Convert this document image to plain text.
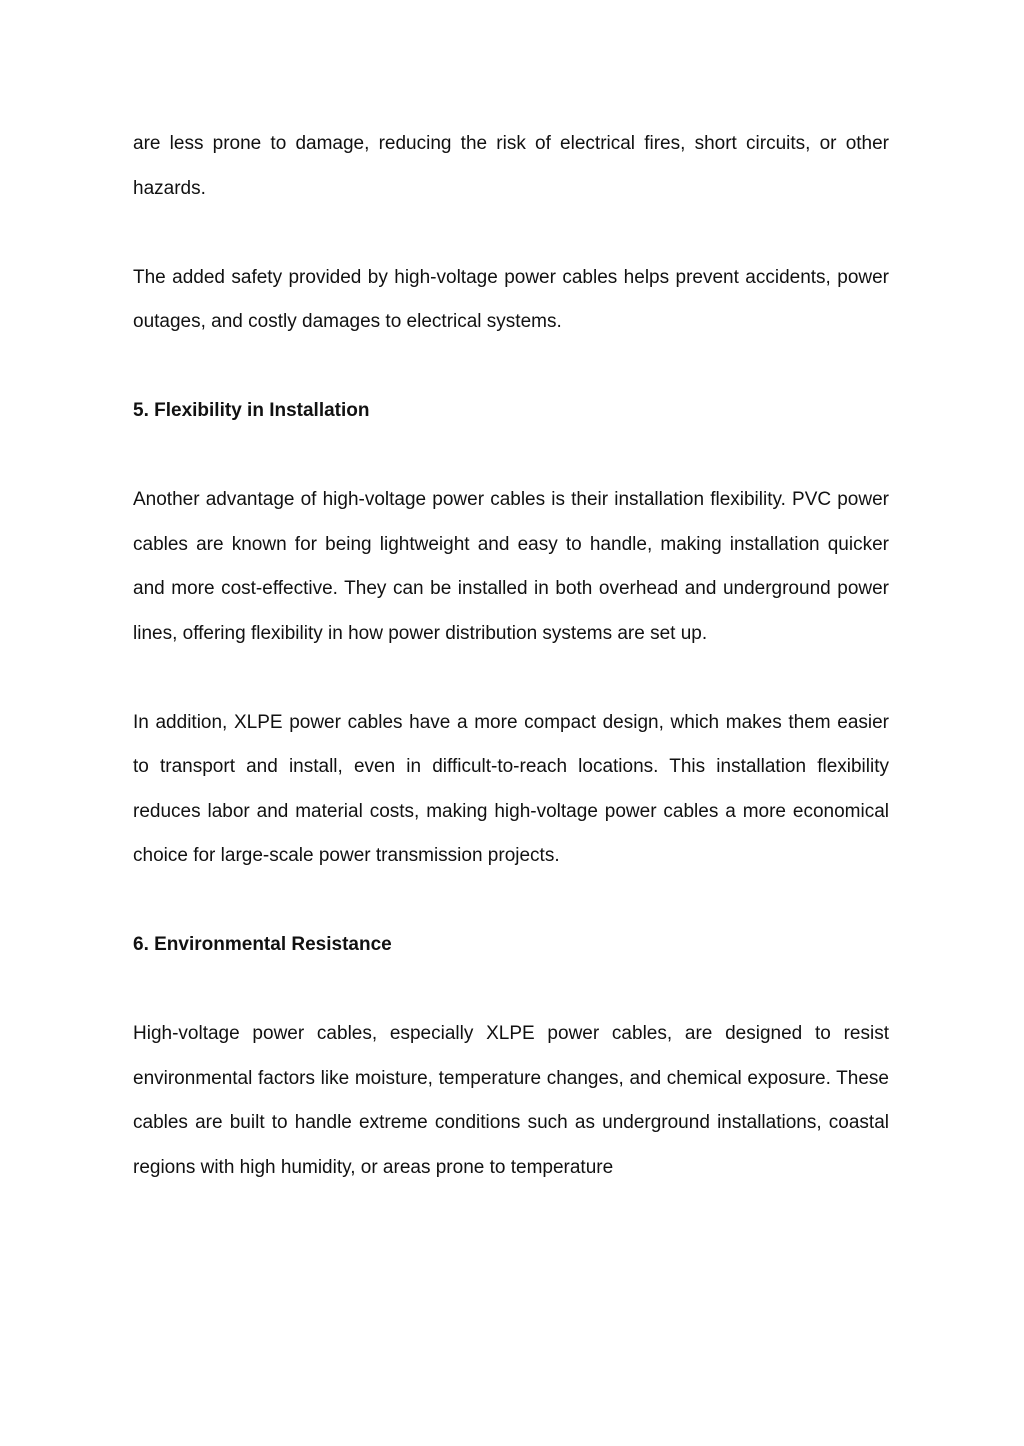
are less prone to damage, reducing the risk of electrical fires, short circuits, or other hazards.

The added safety provided by high-voltage power cables helps prevent accidents, power outages, and costly damages to electrical systems.

5. Flexibility in Installation

Another advantage of high-voltage power cables is their installation flexibility. PVC power cables are known for being lightweight and easy to handle, making installation quicker and more cost-effective. They can be installed in both overhead and underground power lines, offering flexibility in how power distribution systems are set up.

In addition, XLPE power cables have a more compact design, which makes them easier to transport and install, even in difficult-to-reach locations. This installation flexibility reduces labor and material costs, making high-voltage power cables a more economical choice for large-scale power transmission projects.

6. Environmental Resistance

High-voltage power cables, especially XLPE power cables, are designed to resist environmental factors like moisture, temperature changes, and chemical exposure. These cables are built to handle extreme conditions such as underground installations, coastal regions with high humidity, or areas prone to temperature
